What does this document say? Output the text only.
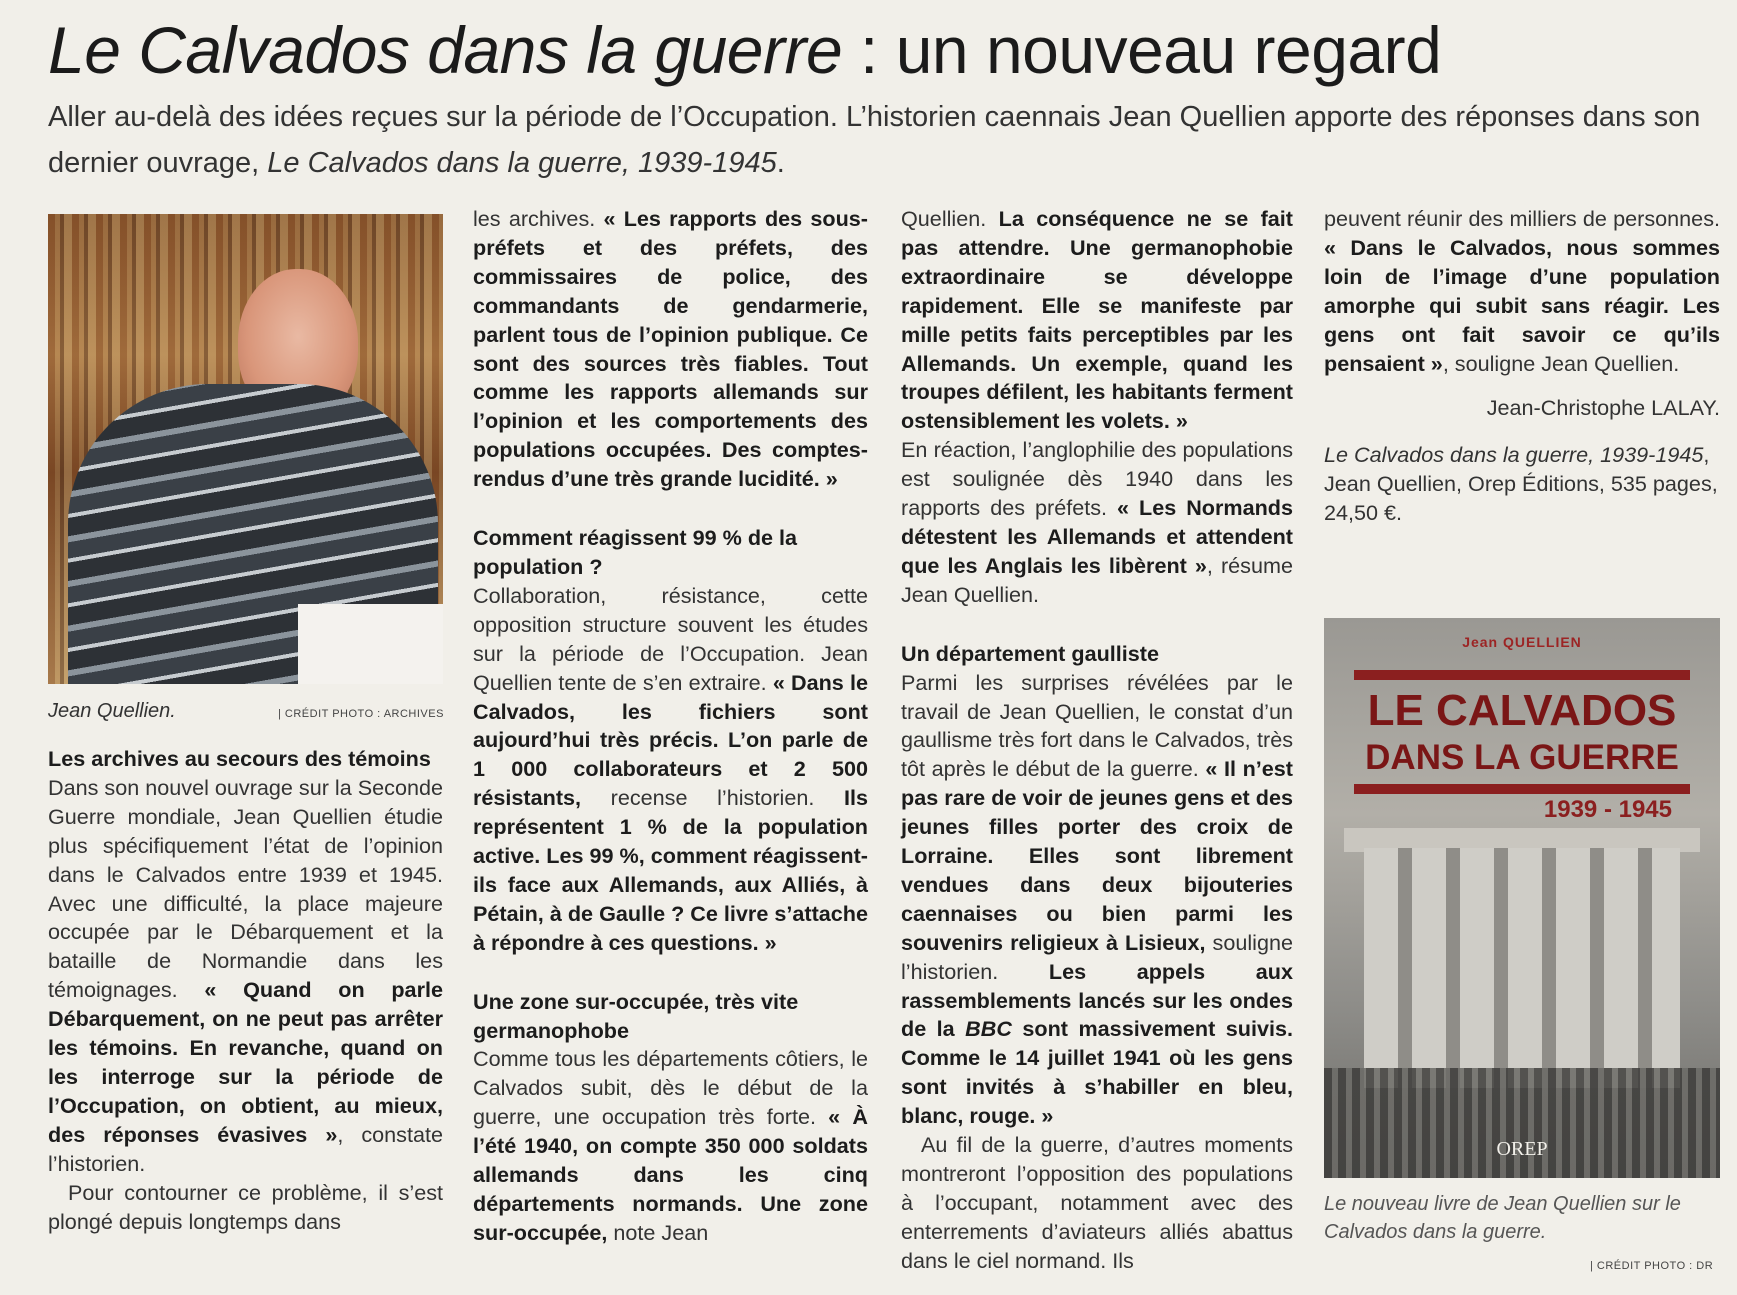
Le Calvados dans la guerre : un nouveau regard
Aller au-delà des idées reçues sur la période de l’Occupation. L’historien caennais Jean Quellien apporte des réponses dans son dernier ouvrage, Le Calvados dans la guerre, 1939-1945.
Jean Quellien.	| CRÉDIT PHOTO : ARCHIVES
Les archives au secours des témoins

Dans son nouvel ouvrage sur la Seconde Guerre mondiale, Jean Quellien étudie plus spécifiquement l’état de l’opinion dans le Calvados entre 1939 et 1945. Avec une difficulté, la place majeure occupée par le Débarquement et la bataille de Normandie dans les témoignages. « Quand on parle Débarquement, on ne peut pas arrêter les témoins. En revanche, quand on les interroge sur la période de l’Occupation, on obtient, au mieux, des réponses évasives », constate l’historien.

Pour contourner ce problème, il s’est plongé depuis longtemps dans

les archives. « Les rapports des sous-préfets et des préfets, des commissaires de police, des commandants de gendarmerie, parlent tous de l’opinion publique. Ce sont des sources très fiables. Tout comme les rapports allemands sur l’opinion et les comportements des populations occupées. Des comptes-rendus d’une très grande lucidité. »

Comment réagissent 99 % de la population ?

Collaboration, résistance, cette opposition structure souvent les études sur la période de l’Occupation. Jean Quellien tente de s’en extraire. « Dans le Calvados, les fichiers sont aujourd’hui très précis. L’on parle de 1 000 collaborateurs et 2 500 résistants, recense l’historien. Ils représentent 1 % de la population active. Les 99 %, comment réagissent-ils face aux Allemands, aux Alliés, à Pétain, à de Gaulle ? Ce livre s’attache à répondre à ces questions. »

Une zone sur-occupée, très vite germanophobe

Comme tous les départements côtiers, le Calvados subit, dès le début de la guerre, une occupation très forte. « À l’été 1940, on compte 350 000 soldats allemands dans les cinq départements normands. Une zone sur-occupée, note Jean

Quellien. La conséquence ne se fait pas attendre. Une germanophobie extraordinaire se développe rapidement. Elle se manifeste par mille petits faits perceptibles par les Allemands. Un exemple, quand les troupes défilent, les habitants ferment ostensiblement les volets. »

En réaction, l’anglophilie des populations est soulignée dès 1940 dans les rapports des préfets. « Les Normands détestent les Allemands et attendent que les Anglais les libèrent », résume Jean Quellien.

Un département gaulliste

Parmi les surprises révélées par le travail de Jean Quellien, le constat d’un gaullisme très fort dans le Calvados, très tôt après le début de la guerre. « Il n’est pas rare de voir de jeunes gens et des jeunes filles porter des croix de Lorraine. Elles sont librement vendues dans deux bijouteries caennaises ou bien parmi les souvenirs religieux à Lisieux, souligne l’historien. Les appels aux rassemblements lancés sur les ondes de la BBC sont massivement suivis. Comme le 14 juillet 1941 où les gens sont invités à s’habiller en bleu, blanc, rouge. »

Au fil de la guerre, d’autres moments montreront l’opposition des populations à l’occupant, notamment avec des enterrements d’aviateurs alliés abattus dans le ciel normand. Ils

peuvent réunir des milliers de personnes. « Dans le Calvados, nous sommes loin de l’image d’une population amorphe qui subit sans réagir. Les gens ont fait savoir ce qu’ils pensaient », souligne Jean Quellien.

Jean-Christophe LALAY.

Le Calvados dans la guerre, 1939-1945, Jean Quellien, Orep Éditions, 535 pages, 24,50 €.

Jean QUELLIEN
LE CALVADOS
DANS LA GUERRE
1939 - 1945
OREP
Le nouveau livre de Jean Quellien sur le Calvados dans la guerre.
| CRÉDIT PHOTO : DR
